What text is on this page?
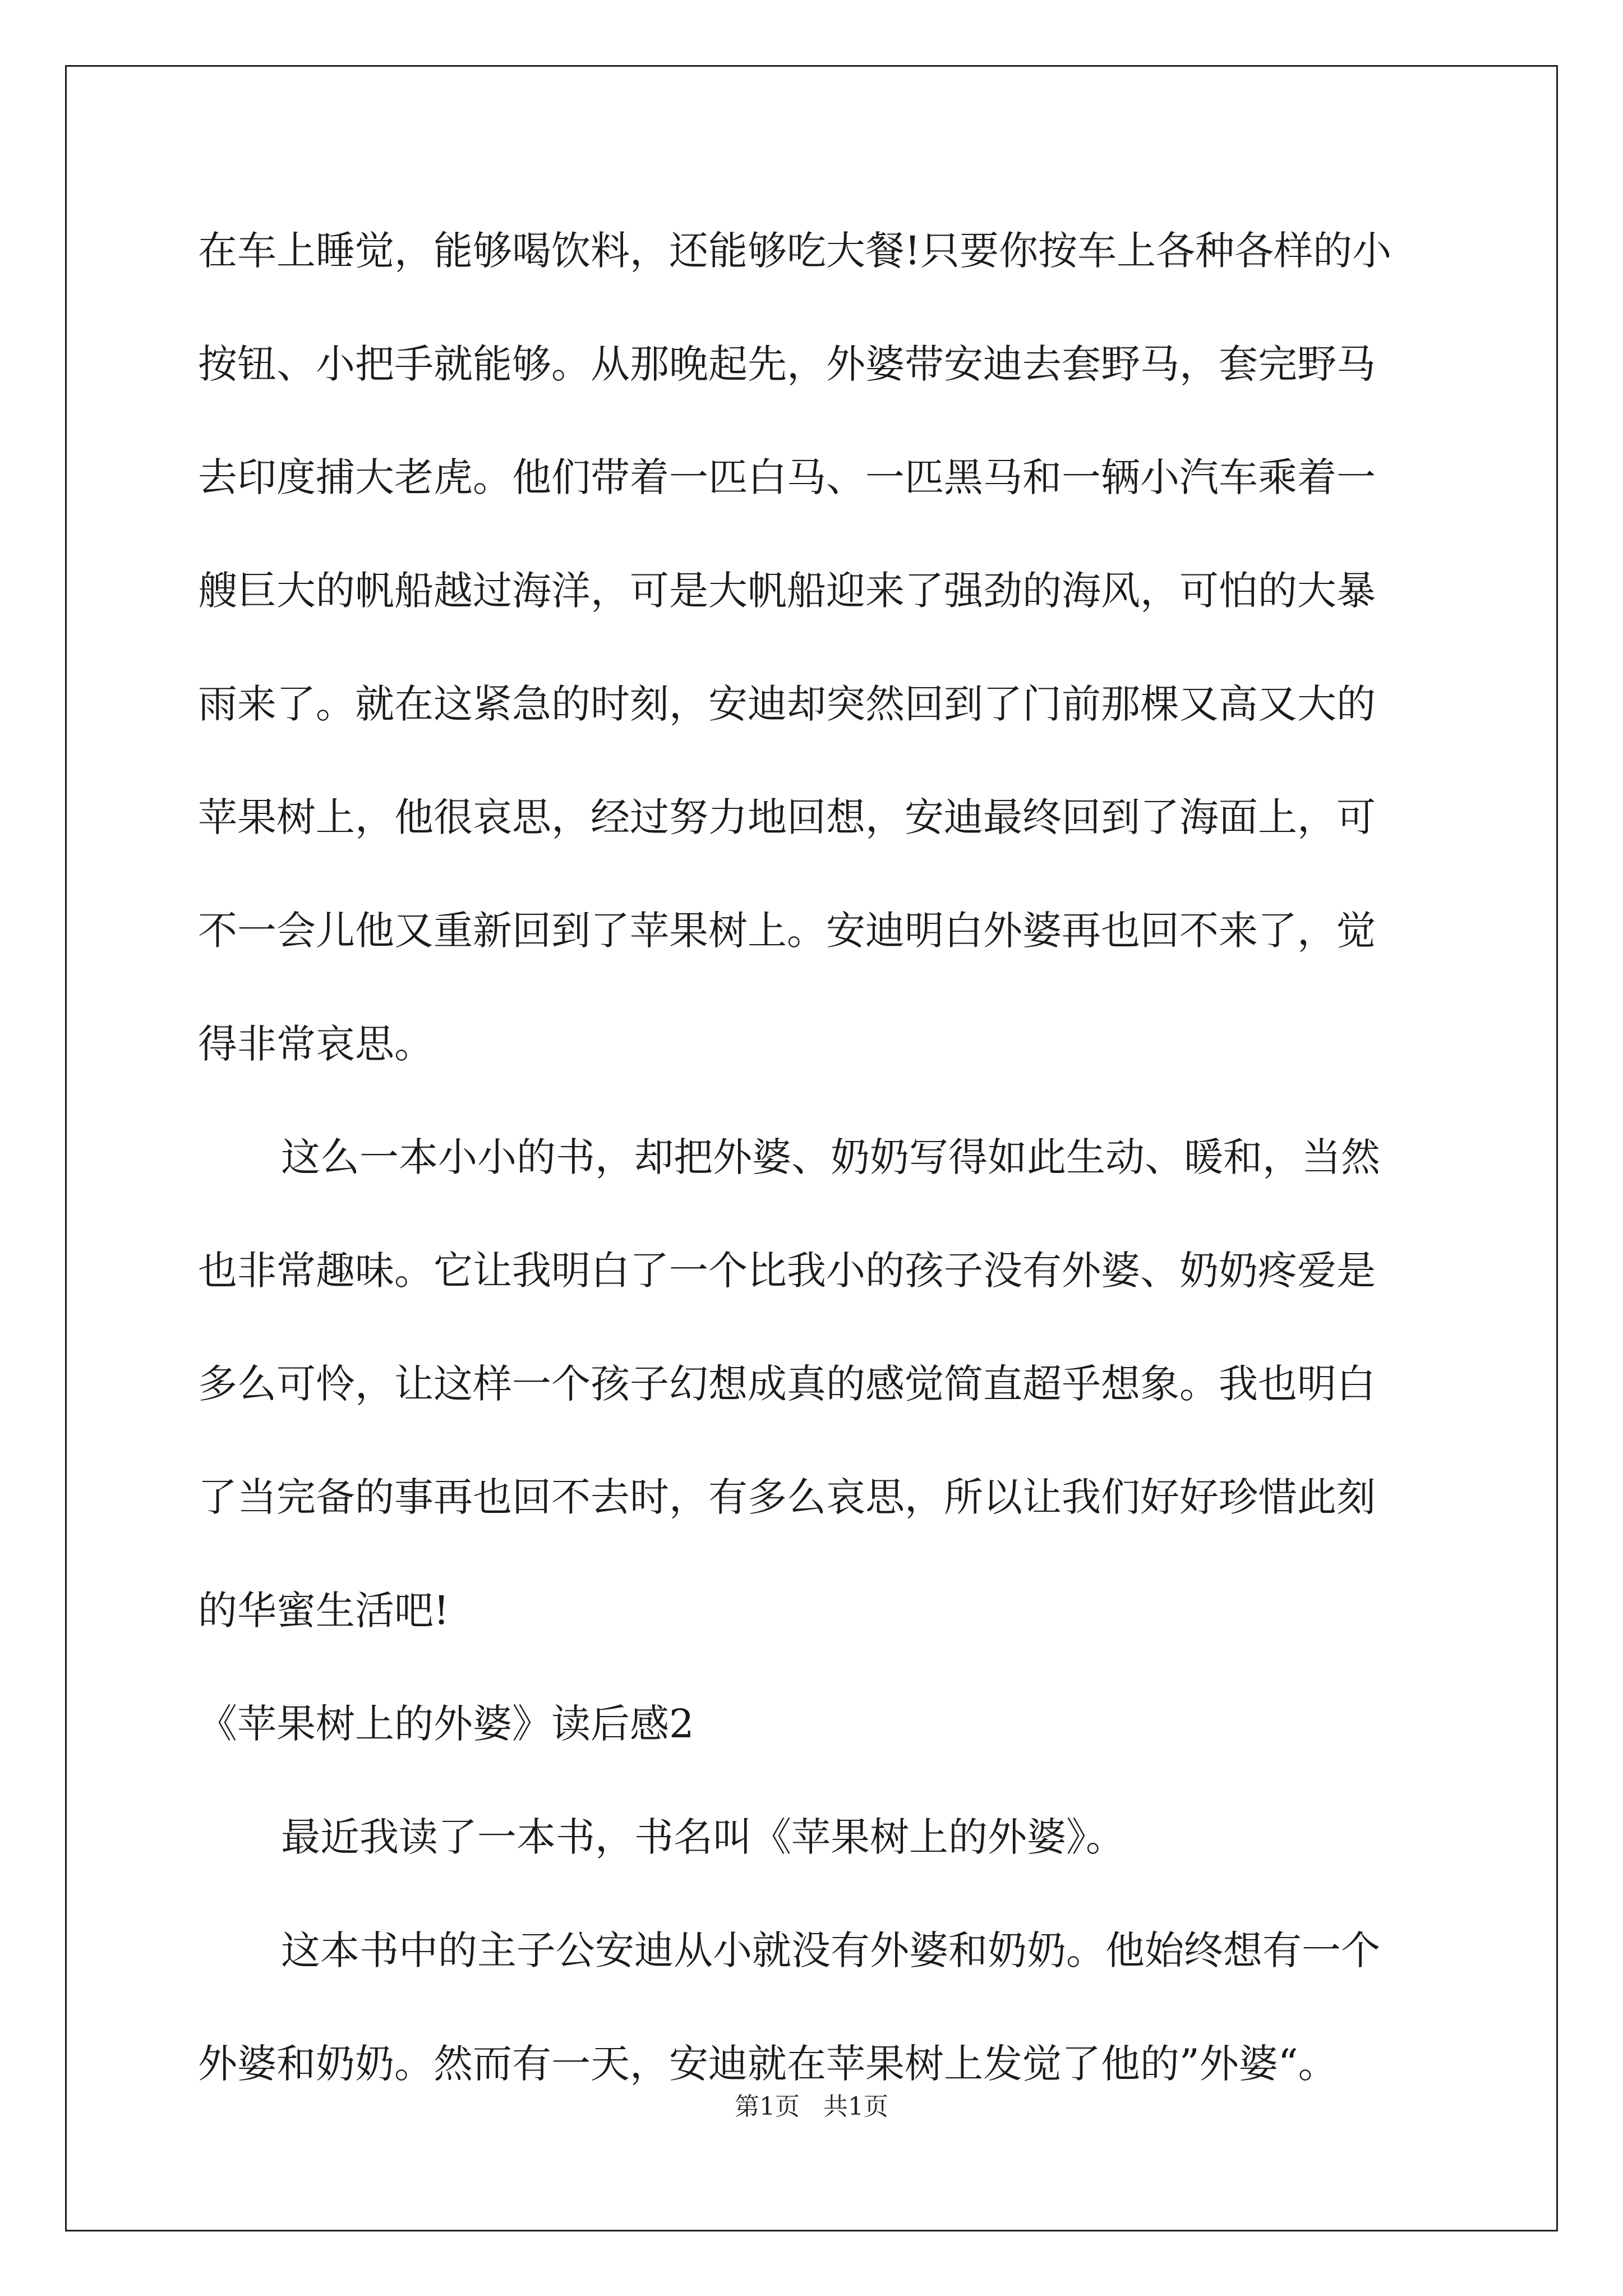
在车上睡觉，能够喝饮料，还能够吃大餐!只要你按车上各种各样的小
按钮、小把手就能够。从那晚起先，外婆带安迪去套野马，套完野马
去印度捕大老虎。他们带着一匹白马、一匹黑马和一辆小汽车乘着一
艘巨大的帆船越过海洋，可是大帆船迎来了强劲的海风，可怕的大暴
雨来了。就在这紧急的时刻，安迪却突然回到了门前那棵又高又大的
苹果树上，他很哀思，经过努力地回想，安迪最终回到了海面上，可
不一会儿他又重新回到了苹果树上。安迪明白外婆再也回不来了，觉
得非常哀思。
这么一本小小的书，却把外婆、奶奶写得如此生动、暖和，当然
也非常趣味。它让我明白了一个比我小的孩子没有外婆、奶奶疼爱是
多么可怜，让这样一个孩子幻想成真的感觉简直超乎想象。我也明白
了当完备的事再也回不去时，有多么哀思，所以让我们好好珍惜此刻
的华蜜生活吧!
《苹果树上的外婆》读后感2
最近我读了一本书，书名叫《苹果树上的外婆》。
这本书中的主子公安迪从小就没有外婆和奶奶。他始终想有一个
外婆和奶奶。然而有一天，安迪就在苹果树上发觉了他的”外婆“。
第1页   共1页
